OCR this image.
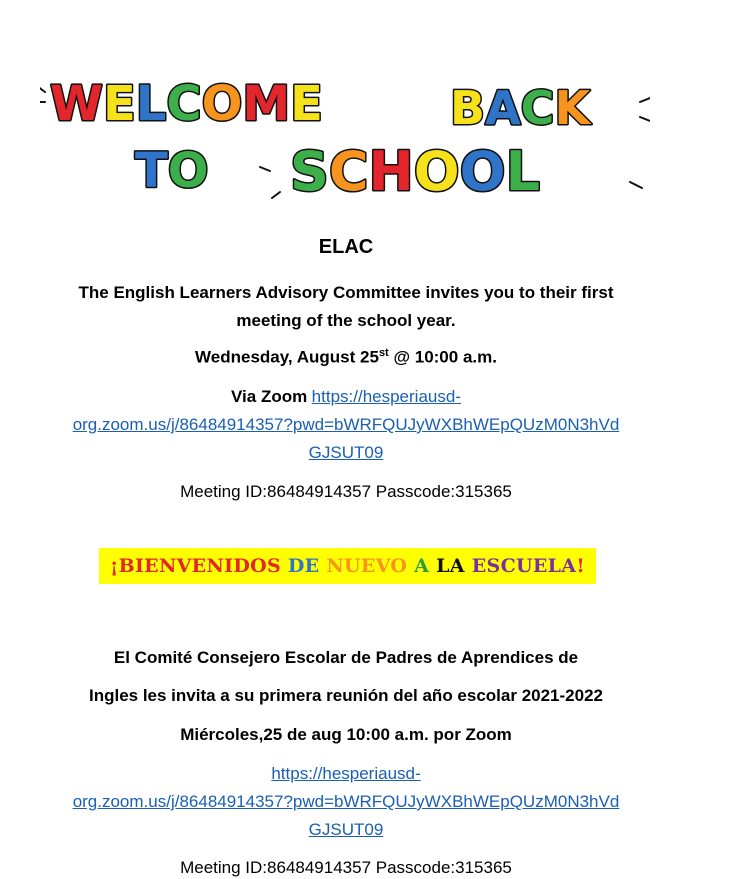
WELCOME	BACK
TO SCHOOL
ELAC
The English Learners Advisory Committee invites you to their first
meeting of the school year.
Wednesday, August 25st @ 10:00 a.m.
Via Zoom https://hesperiausd-
org.zoom.us/j/86484914357?pwd=bWRFQUJyWXBhWEpQUzM0N3hVd
GJSUT09
Meeting ID:86484914357 Passcode:315365
¡BIENVENIDOS DE NUEVO A LA ESCUELA!
El Comité Consejero Escolar de Padres de Aprendices de
Ingles les invita a su primera reunión del año escolar 2021-2022
Miércoles,25 de aug 10:00 a.m. por Zoom
https://hesperiausd-
org.zoom.us/j/86484914357?pwd=bWRFQUJyWXBhWEpQUzM0N3hVd
GJSUT09
Meeting ID:86484914357 Passcode:315365
